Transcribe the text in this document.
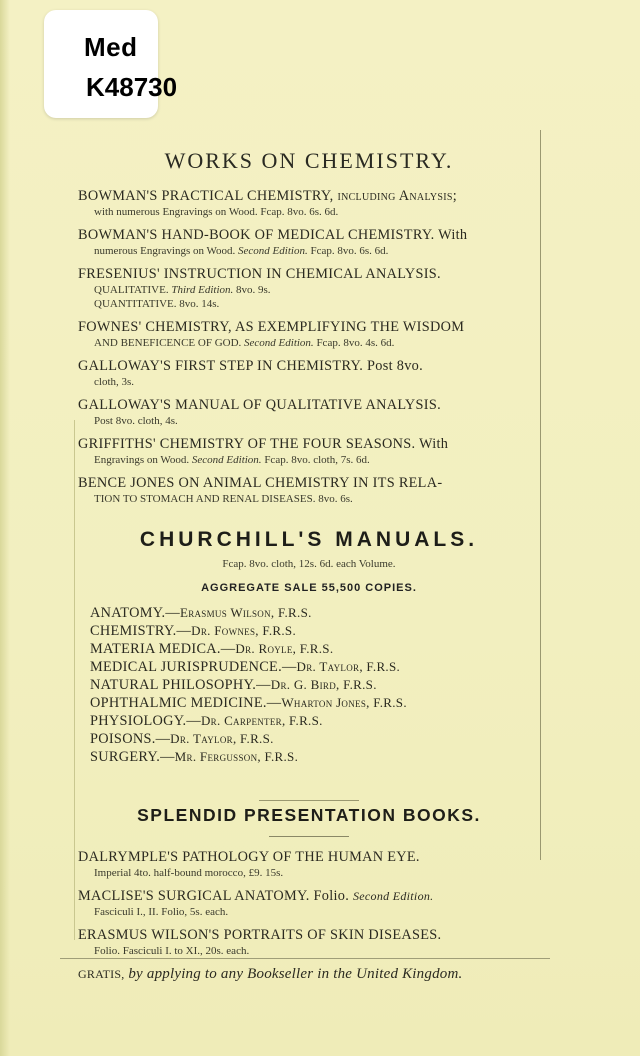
Med
K48730
WORKS ON CHEMISTRY.
BOWMAN'S PRACTICAL CHEMISTRY, including Analysis;
with numerous Engravings on Wood. Fcap. 8vo. 6s. 6d.
BOWMAN'S HAND-BOOK OF MEDICAL CHEMISTRY. With
numerous Engravings on Wood. Second Edition. Fcap. 8vo. 6s. 6d.
FRESENIUS' INSTRUCTION IN CHEMICAL ANALYSIS.
QUALITATIVE. Third Edition. 8vo. 9s.
QUANTITATIVE. 8vo. 14s.
FOWNES' CHEMISTRY, AS EXEMPLIFYING THE WISDOM
AND BENEFICENCE OF GOD. Second Edition. Fcap. 8vo. 4s. 6d.
GALLOWAY'S FIRST STEP IN CHEMISTRY. Post 8vo.
cloth, 3s.
GALLOWAY'S MANUAL OF QUALITATIVE ANALYSIS.
Post 8vo. cloth, 4s.
GRIFFITHS' CHEMISTRY OF THE FOUR SEASONS. With
Engravings on Wood. Second Edition. Fcap. 8vo. cloth, 7s. 6d.
BENCE JONES ON ANIMAL CHEMISTRY IN ITS RELA-
TION TO STOMACH AND RENAL DISEASES. 8vo. 6s.
CHURCHILL'S MANUALS.
Fcap. 8vo. cloth, 12s. 6d. each Volume.
AGGREGATE SALE 55,500 COPIES.
ANATOMY.—Erasmus Wilson, F.R.S.
CHEMISTRY.—Dr. Fownes, F.R.S.
MATERIA MEDICA.—Dr. Royle, F.R.S.
MEDICAL JURISPRUDENCE.—Dr. Taylor, F.R.S.
NATURAL PHILOSOPHY.—Dr. G. Bird, F.R.S.
OPHTHALMIC MEDICINE.—Wharton Jones, F.R.S.
PHYSIOLOGY.—Dr. Carpenter, F.R.S.
POISONS.—Dr. Taylor, F.R.S.
SURGERY.—Mr. Fergusson, F.R.S.
SPLENDID PRESENTATION BOOKS.
DALRYMPLE'S PATHOLOGY OF THE HUMAN EYE.
Imperial 4to. half-bound morocco, £9. 15s.
MACLISE'S SURGICAL ANATOMY. Folio. Second Edition.
Fasciculi I., II. Folio, 5s. each.
ERASMUS WILSON'S PORTRAITS OF SKIN DISEASES.
Folio. Fasciculi I. to XI., 20s. each.
GRATIS, by applying to any Bookseller in the United Kingdom.
